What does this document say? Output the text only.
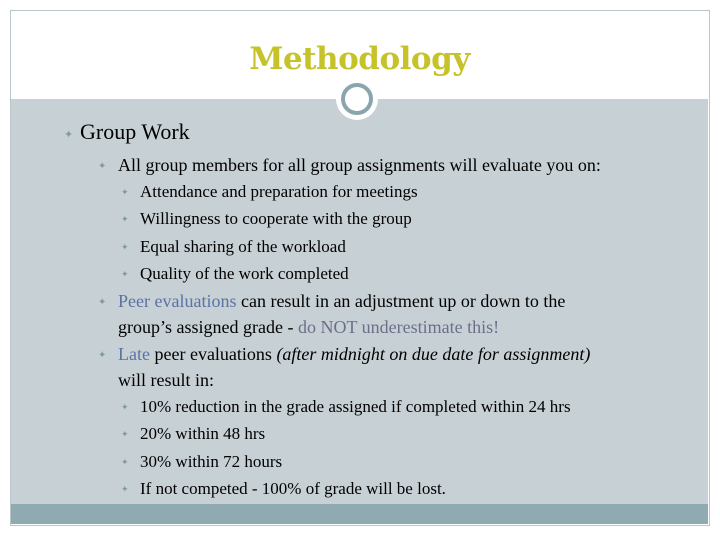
Methodology
✦ Group Work
✦ All group members for all group assignments will evaluate you on:
✦ Attendance and preparation for meetings
✦ Willingness to cooperate with the group
✦ Equal sharing of the workload
✦ Quality of the work completed
✦ Peer evaluations can result in an adjustment up or down to the
group’s assigned grade - do NOT underestimate this!
✦ Late peer evaluations (after midnight on due date for assignment)
will result in:
✦ 10% reduction in the grade assigned if completed within 24 hrs
✦ 20% within 48 hrs
✦ 30% within 72 hours
✦ If not competed - 100% of grade will be lost.
